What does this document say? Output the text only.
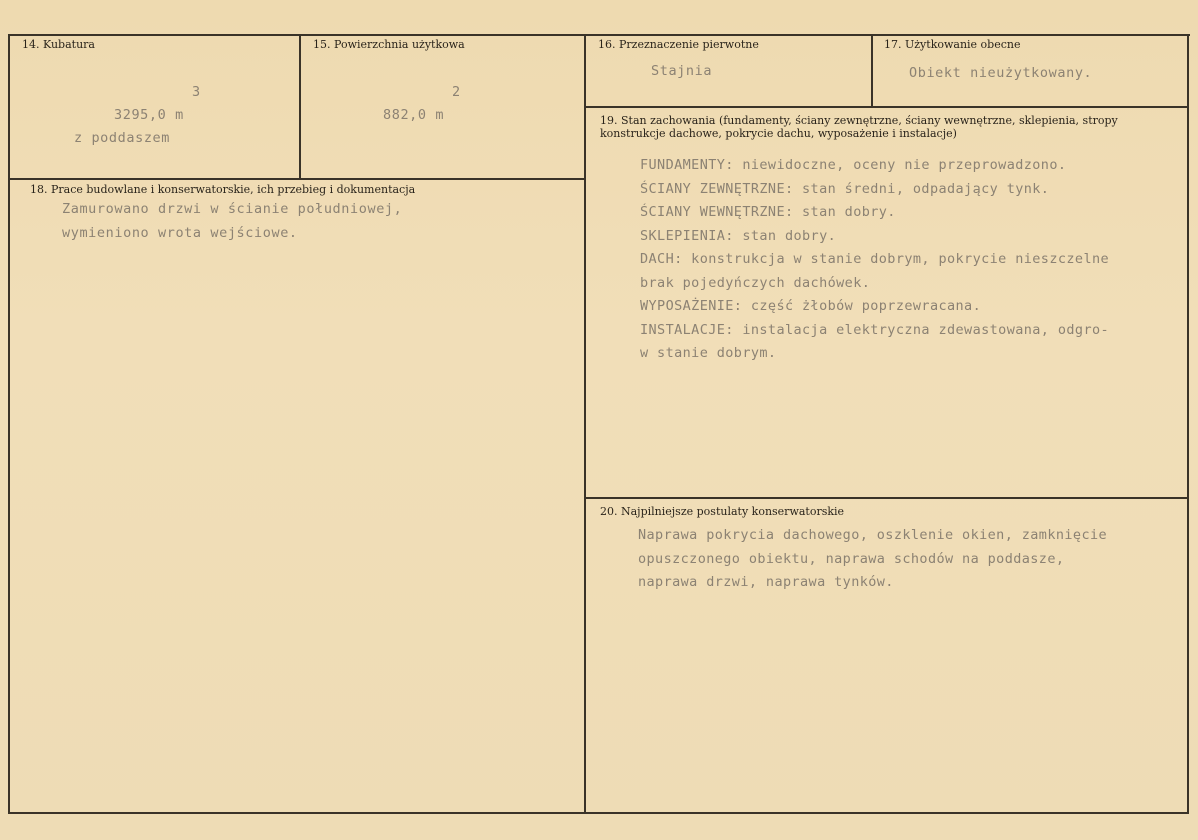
14. Kubatura
3
3295,0 m
z poddaszem
15. Powierzchnia użytkowa
2
882,0 m
16. Przeznaczenie pierwotne
Stajnia
17. Użytkowanie obecne
Obiekt nieużytkowany.
18. Prace budowlane i konserwatorskie, ich przebieg i dokumentacja
Zamurowano drzwi w ścianie południowej,
wymieniono wrota wejściowe.
19. Stan zachowania (fundamenty, ściany zewnętrzne, ściany wewnętrzne, sklepienia, stropy konstrukcje dachowe, pokrycie dachu, wyposażenie i instalacje)
FUNDAMENTY: niewidoczne, oceny nie przeprowadzono.
ŚCIANY ZEWNĘTRZNE: stan średni, odpadający tynk.
ŚCIANY WEWNĘTRZNE: stan dobry.
SKLEPIENIA: stan dobry.
DACH: konstrukcja w stanie dobrym, pokrycie nieszczelne
brak pojedyńczych dachówek.
WYPOSAŻENIE: część żłobów poprzewracana.
INSTALACJE: instalacja elektryczna zdewastowana, odgro-
w stanie dobrym.
20. Najpilniejsze postulaty konserwatorskie
Naprawa pokrycia dachowego, oszklenie okien, zamknięcie
opuszczonego obiektu, naprawa schodów na poddasze,
naprawa drzwi, naprawa tynków.
